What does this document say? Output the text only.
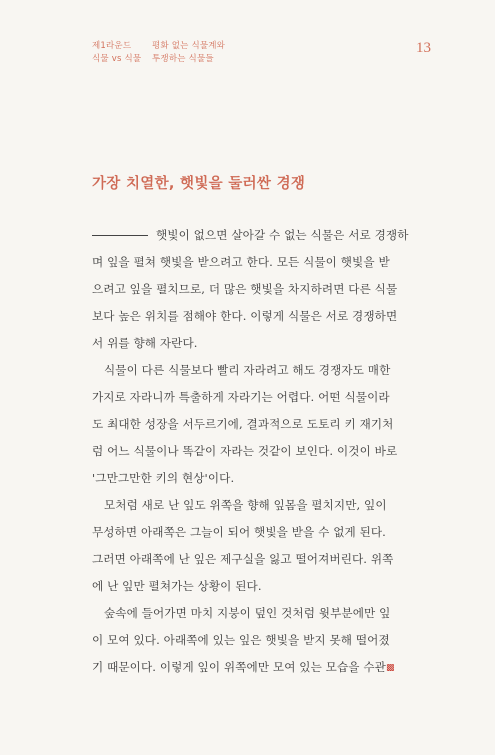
제1라운드
식물 vs 식물
평화 없는 식물계와
투쟁하는 식물들
13
가장 치열한, 햇빛을 둘러싼 경쟁
햇빛이 없으면 살아갈 수 없는 식물은 서로 경쟁하
며 잎을 펼쳐 햇빛을 받으려고 한다. 모든 식물이 햇빛을 받
으려고 잎을 펼치므로, 더 많은 햇빛을 차지하려면 다른 식물
보다 높은 위치를 점해야 한다. 이렇게 식물은 서로 경쟁하면
서 위를 향해 자란다.
식물이 다른 식물보다 빨리 자라려고 해도 경쟁자도 매한
가지로 자라니까 특출하게 자라기는 어렵다. 어떤 식물이라
도 최대한 성장을 서두르기에, 결과적으로 도토리 키 재기처
럼 어느 식물이나 똑같이 자라는 것같이 보인다. 이것이 바로
'그만그만한 키의 현상'이다.
모처럼 새로 난 잎도 위쪽을 향해 잎몸을 펼치지만, 잎이
무성하면 아래쪽은 그늘이 되어 햇빛을 받을 수 없게 된다.
그러면 아래쪽에 난 잎은 제구실을 잃고 떨어져버린다. 위쪽
에 난 잎만 펼쳐가는 상황이 된다.
숲속에 들어가면 마치 지붕이 덮인 것처럼 윗부분에만 잎
이 모여 있다. 아래쪽에 있는 잎은 햇빛을 받지 못해 떨어졌
기 때문이다. 이렇게 잎이 위쪽에만 모여 있는 모습을 수관▩
